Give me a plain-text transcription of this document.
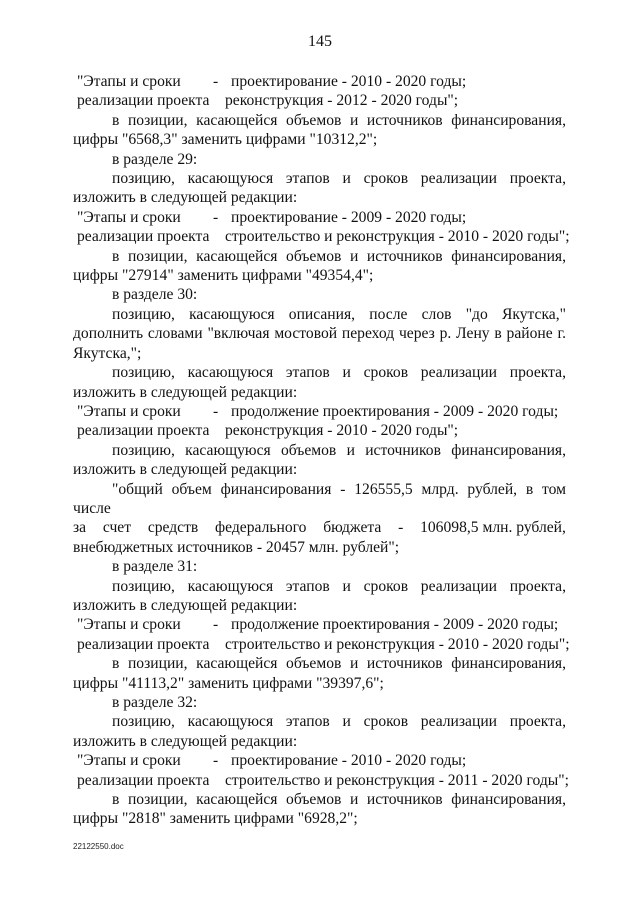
145
"Этапы и сроки	- проектирование - 2010 - 2020 годы;
реализации проекта реконструкция - 2012 - 2020 годы";
в позиции, касающейся объемов и источников финансирования, цифры "6568,3" заменить цифрами "10312,2";
в разделе 29:
позицию, касающуюся этапов и сроков реализации проекта, изложить в следующей редакции:
"Этапы и сроки	- проектирование - 2009 - 2020 годы;
реализации проекта строительство и реконструкция - 2010 - 2020 годы";
в позиции, касающейся объемов и источников финансирования, цифры "27914" заменить цифрами "49354,4";
в разделе 30:
позицию, касающуюся описания, после слов "до Якутска," дополнить словами "включая мостовой переход через р. Лену в районе г. Якутска,";
позицию, касающуюся этапов и сроков реализации проекта, изложить в следующей редакции:
"Этапы и сроки	- продолжение проектирования - 2009 - 2020 годы;
реализации проекта реконструкция - 2010 - 2020 годы";
позицию, касающуюся объемов и источников финансирования, изложить в следующей редакции:
"общий объем финансирования - 126555,5 млрд. рублей, в том числе
за счет средств федерального бюджета - 106098,5 млн. рублей,
внебюджетных источников - 20457 млн. рублей";
в разделе 31:
позицию, касающуюся этапов и сроков реализации проекта, изложить в следующей редакции:
"Этапы и сроки	- продолжение проектирования - 2009 - 2020 годы;
реализации проекта строительство и реконструкция - 2010 - 2020 годы";
в позиции, касающейся объемов и источников финансирования, цифры "41113,2" заменить цифрами "39397,6";
в разделе 32:
позицию, касающуюся этапов и сроков реализации проекта, изложить в следующей редакции:
"Этапы и сроки	- проектирование - 2010 - 2020 годы;
реализации проекта строительство и реконструкция - 2011 - 2020 годы";
в позиции, касающейся объемов и источников финансирования, цифры "2818" заменить цифрами "6928,2";
22122550.doc
